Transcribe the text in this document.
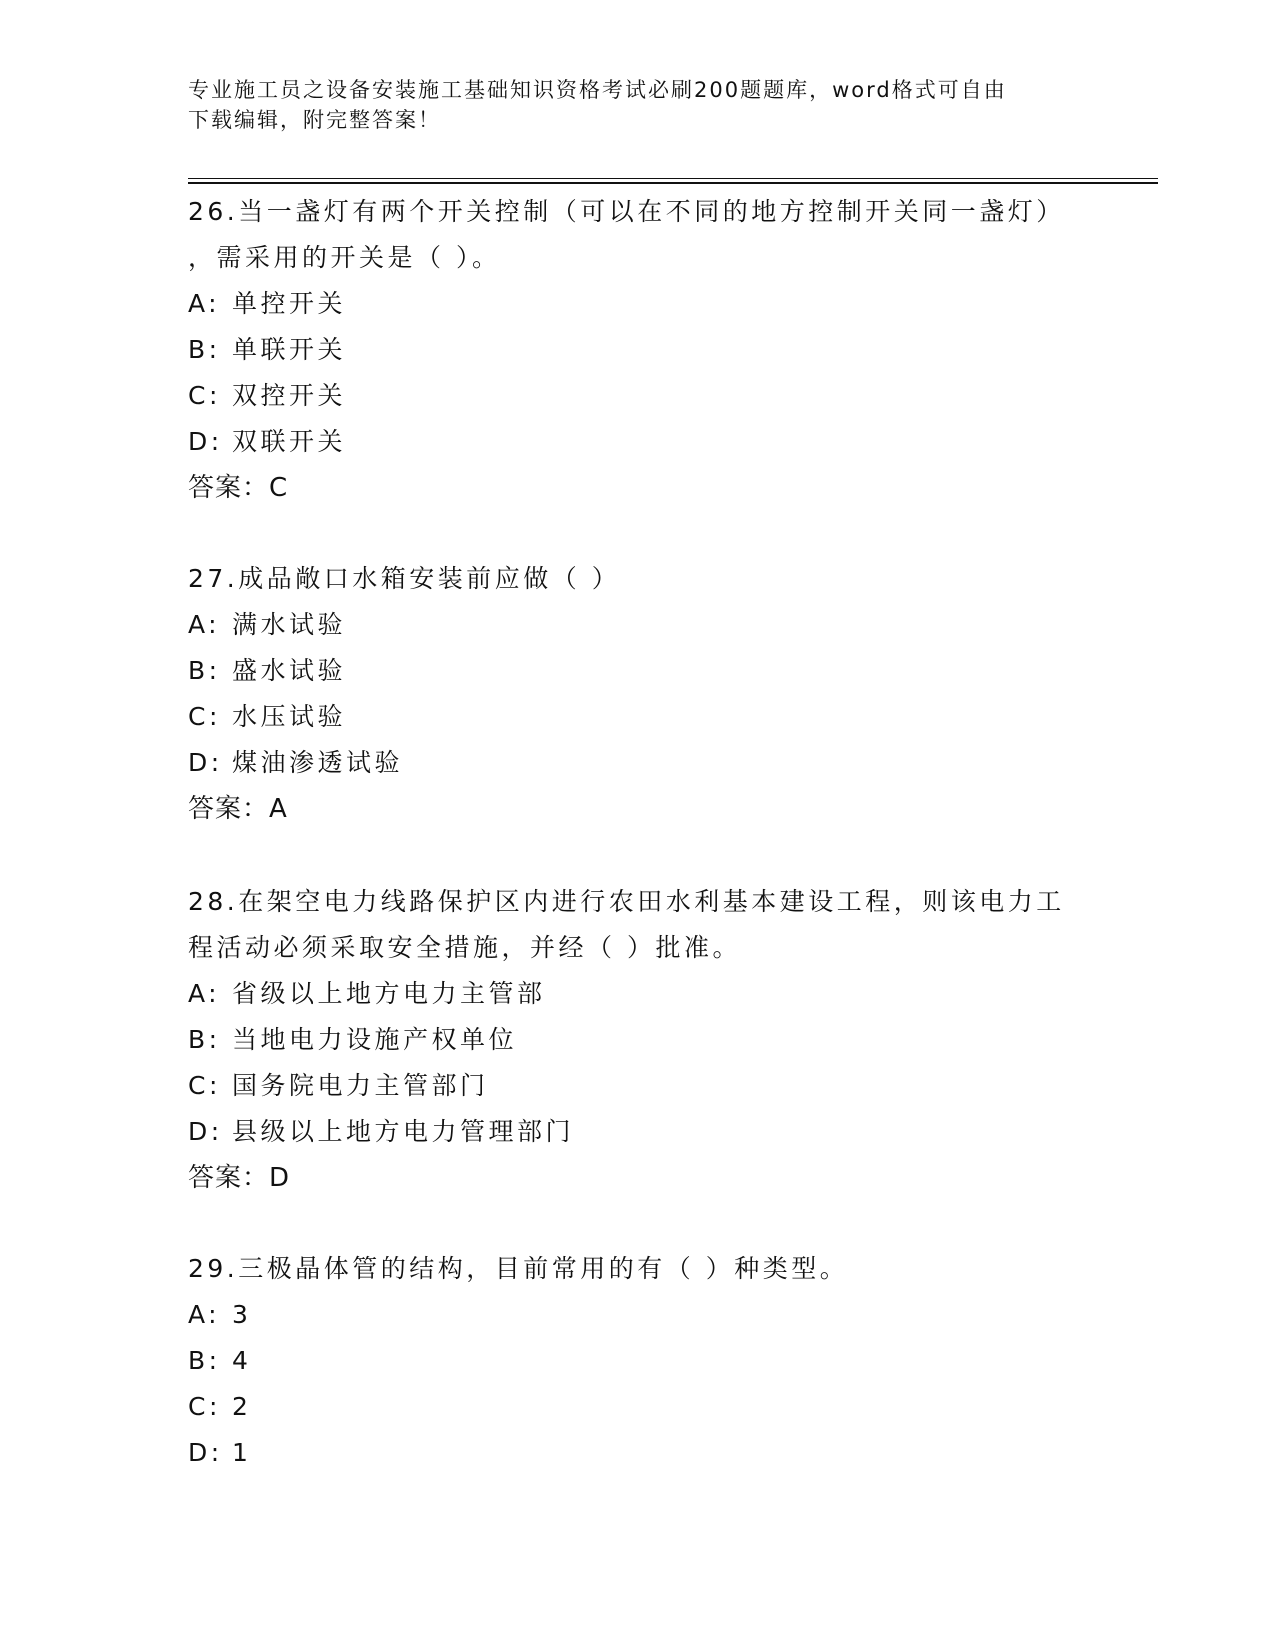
专业施工员之设备安装施工基础知识资格考试必刷200题题库，word格式可自由
下载编辑，附完整答案！

26.当一盏灯有两个开关控制（可以在不同的地方控制开关同一盏灯）

，需采用的开关是（ ）。

A: 单控开关

B: 单联开关

C: 双控开关

D: 双联开关

答案：C

27.成品敞口水箱安装前应做（ ）

A: 满水试验

B: 盛水试验

C: 水压试验

D: 煤油渗透试验

答案：A

28.在架空电力线路保护区内进行农田水利基本建设工程，则该电力工

程活动必须采取安全措施，并经（ ）批准。

A: 省级以上地方电力主管部

B: 当地电力设施产权单位

C: 国务院电力主管部门

D: 县级以上地方电力管理部门

答案：D

29.三极晶体管的结构，目前常用的有（ ）种类型。

A: 3

B: 4

C: 2

D: 1
